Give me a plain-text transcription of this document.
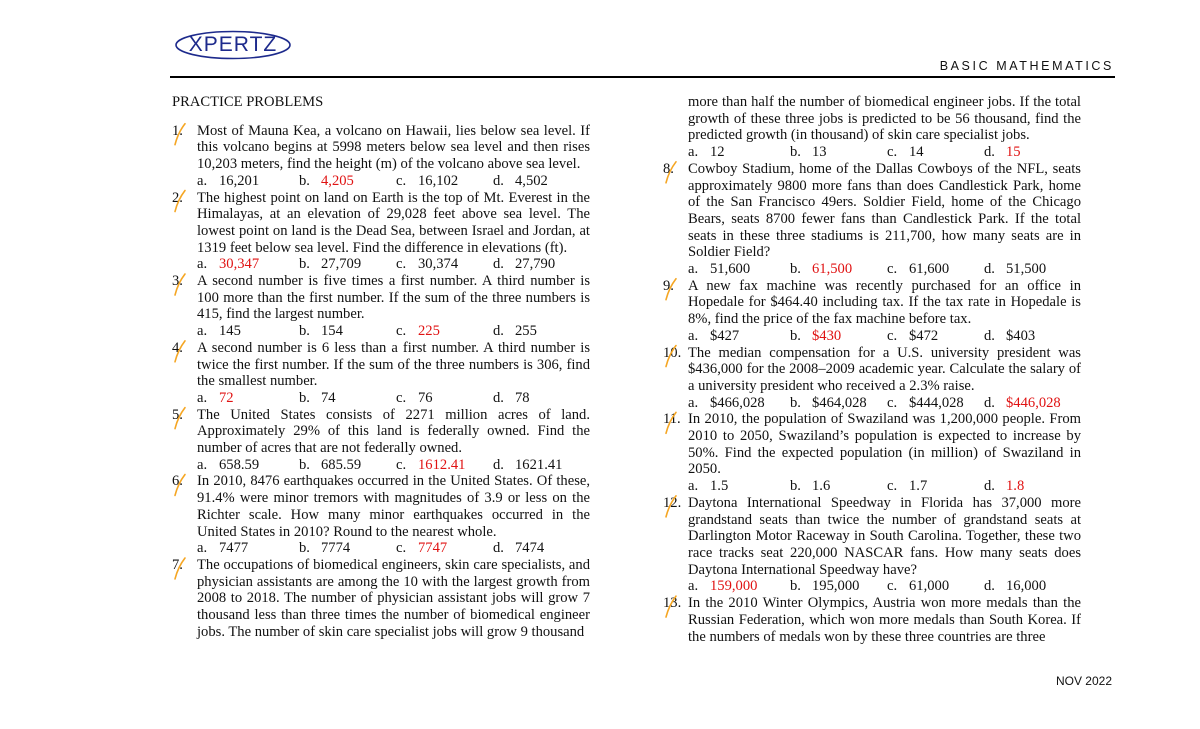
XPERTZ
BASIC MATHEMATICS
PRACTICE PROBLEMS
1. Most of Mauna Kea, a volcano on Hawaii, lies below sea level. If this volcano begins at 5998 meters below sea level and then rises 10,203 meters, find the height (m) of the volcano above sea level.
a. 16,201	b. 4,205	c. 16,102 d. 4,502
2. The highest point on land on Earth is the top of Mt. Everest in the Himalayas, at an elevation of 29,028 feet above sea level. The lowest point on land is the Dead Sea, between Israel and Jordan, at 1319 feet below sea level. Find the difference in elevations (ft).
a. 30,347	b. 27,709 c. 30,374 d. 27,790
3. A second number is five times a first number. A third number is 100 more than the first number. If the sum of the three numbers is 415, find the largest number.
a. 145	b. 154	c. 225	d. 255
4. A second number is 6 less than a first number. A third number is twice the first number. If the sum of the three numbers is 306, find the smallest number.
a. 72	b. 74	c. 76	d. 78
5. The United States consists of 2271 million acres of land. Approximately 29% of this land is federally owned. Find the number of acres that are not federally owned.
a. 658.59	b. 685.59 c. 1612.41 d. 1621.41
6. In 2010, 8476 earthquakes occurred in the United States. Of these, 91.4% were minor tremors with magnitudes of 3.9 or less on the Richter scale. How many minor earthquakes occurred in the United States in 2010? Round to the nearest whole.
a. 7477	b. 7774	c. 7747	d. 7474
7. The occupations of biomedical engineers, skin care specialists, and physician assistants are among the 10 with the largest growth from 2008 to 2018. The number of physician assistant jobs will grow 7 thousand less than three times the number of biomedical engineer jobs. The number of skin care specialist jobs will grow 9 thousand
more than half the number of biomedical engineer jobs. If the total growth of these three jobs is predicted to be 56 thousand, find the predicted growth (in thousand) of skin care specialist jobs.
a. 12	b. 13	c. 14	d. 15
8. Cowboy Stadium, home of the Dallas Cowboys of the NFL, seats approximately 9800 more fans than does Candlestick Park, home of the San Francisco 49ers. Soldier Field, home of the Chicago Bears, seats 8700 fewer fans than Candlestick Park. If the total seats in these three stadiums is 211,700, how many seats are in Soldier Field?
a. 51,600	b. 61,500 c. 61,600 d. 51,500
9. A new fax machine was recently purchased for an office in Hopedale for $464.40 including tax. If the tax rate in Hopedale is 8%, find the price of the fax machine before tax.
a. $427	b. $430	c. $472	d. $403
10. The median compensation for a U.S. university president was $436,000 for the 2008–2009 academic year. Calculate the salary of a university president who received a 2.3% raise.
a. $466,028 b. $464,028 c. $444,028 d. $446,028
11. In 2010, the population of Swaziland was 1,200,000 people. From 2010 to 2050, Swaziland’s population is expected to increase by 50%. Find the expected population (in million) of Swaziland in 2050.
a. 1.5	b. 1.6	c. 1.7	d. 1.8
12. Daytona International Speedway in Florida has 37,000 more grandstand seats than twice the number of grandstand seats at Darlington Motor Raceway in South Carolina. Together, these two race tracks seat 220,000 NASCAR fans. How many seats does Daytona International Speedway have?
a. 159,000 b. 195,000 c. 61,000 d. 16,000
13. In the 2010 Winter Olympics, Austria won more medals than the Russian Federation, which won more medals than South Korea. If the numbers of medals won by these three countries are three
NOV 2022
